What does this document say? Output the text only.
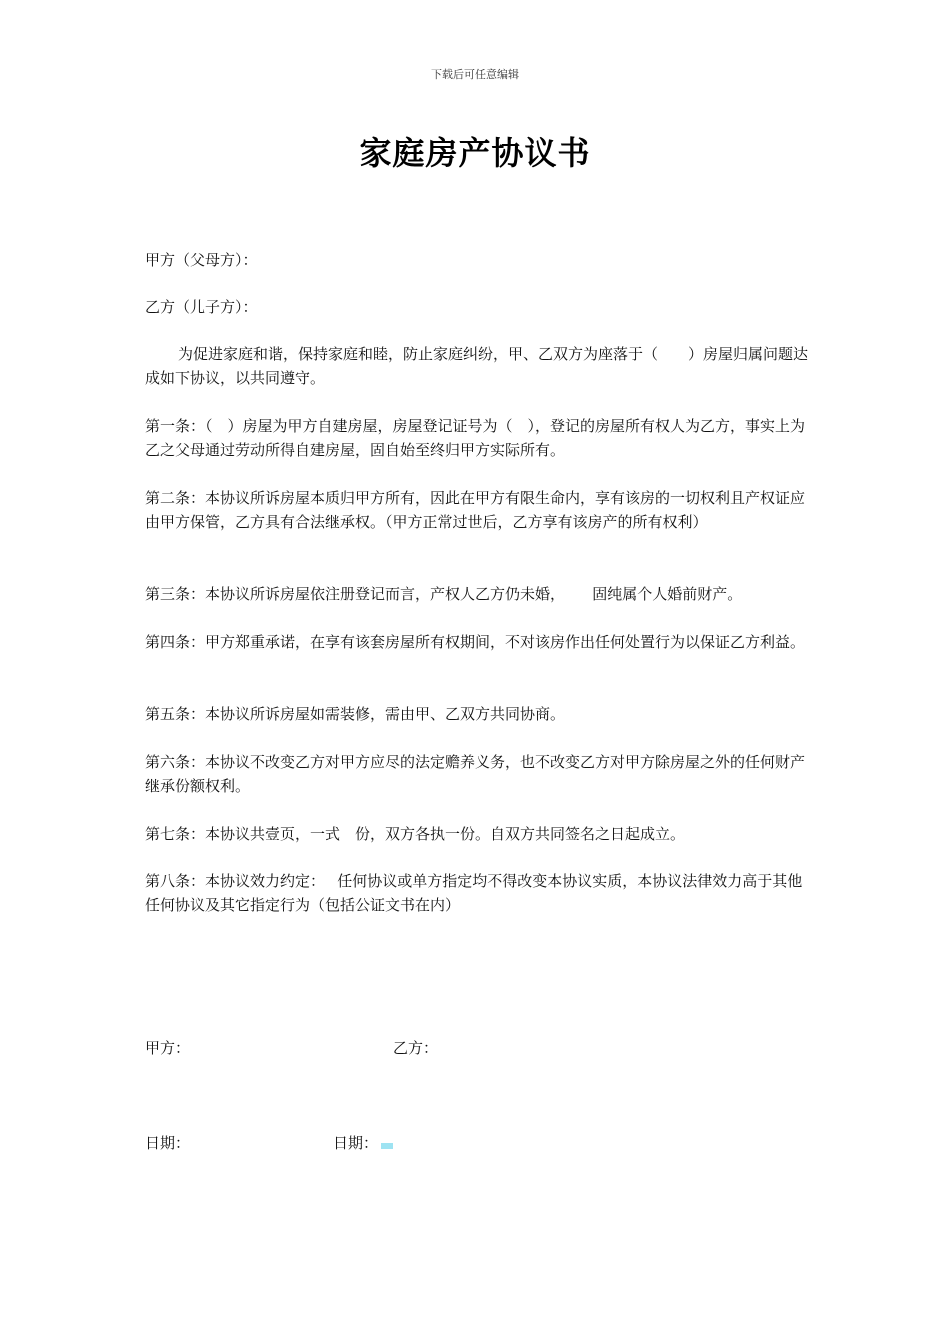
下载后可任意编辑
家庭房产协议书
甲方（父母方）：
乙方（儿子方）：
为促进家庭和谐，保持家庭和睦，防止家庭纠纷，甲、乙双方为座落于（　　）房屋归属问题达成如下协议，以共同遵守。
第一条：（　）房屋为甲方自建房屋，房屋登记证号为（　），登记的房屋所有权人为乙方，事实上为乙之父母通过劳动所得自建房屋，固自始至终归甲方实际所有。
第二条：本协议所诉房屋本质归甲方所有，因此在甲方有限生命内，享有该房的一切权利且产权证应由甲方保管，乙方具有合法继承权。（甲方正常过世后，乙方享有该房产的所有权利）
第三条：本协议所诉房屋依注册登记而言，产权人乙方仍未婚，　　 固纯属个人婚前财产。
第四条：甲方郑重承诺，在享有该套房屋所有权期间，不对该房作出任何处置行为以保证乙方利益。
第五条：本协议所诉房屋如需装修，需由甲、乙双方共同协商。
第六条：本协议不改变乙方对甲方应尽的法定赡养义务，也不改变乙方对甲方除房屋之外的任何财产继承份额权利。
第七条：本协议共壹页，一式　份，双方各执一份。自双方共同签名之日起成立。
第八条：本协议效力约定：　 任何协议或单方指定均不得改变本协议实质，本协议法律效力高于其他任何协议及其它指定行为（包括公证文书在内）
甲方：	乙方：
日期：	日期：
